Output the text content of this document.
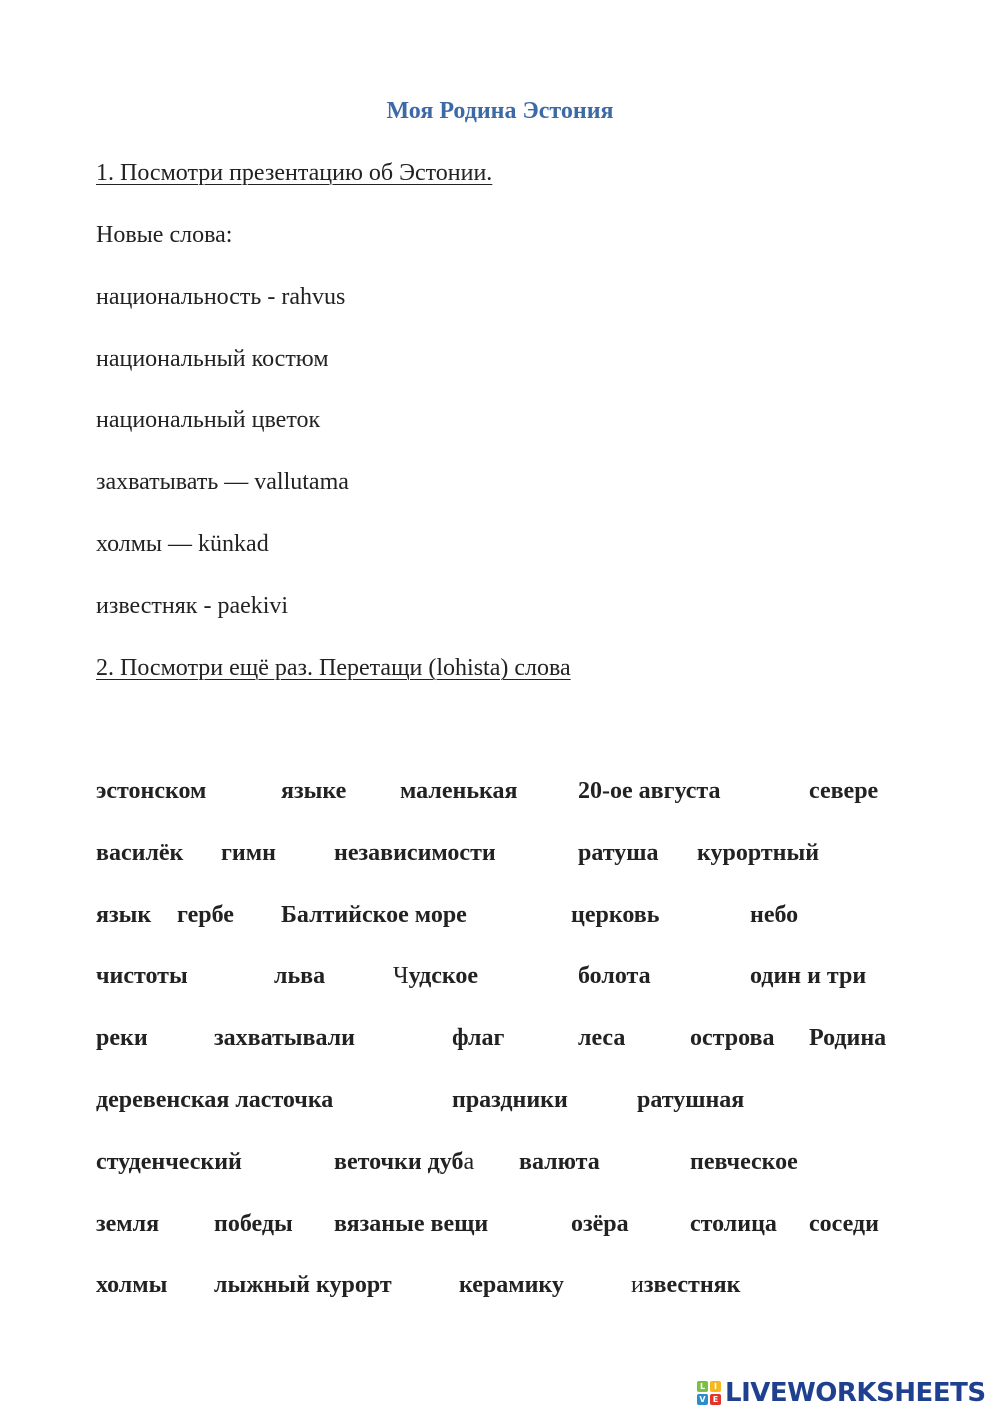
Моя Родина Эстония
1. Посмотри презентацию об Эстонии.
Новые слова:
национальность - rahvus
национальный костюм
национальный цветок
захватывать — vallutama
холмы — künkad
известняк - paekivi
2. Посмотри ещё раз. Перетащи (lohista) слова
эстонском	языке маленькая	20-ое августа	севере
василёк гимн независимости	ратуша курортный
язык гербе Балтийское море	церковь	небо
чистоты	льва	Чудское	болота	один и три
реки	захватывали	флаг	леса	острова Родина
деревенская ласточка	праздники	ратушная
студенческий	веточки дуба валюта	певческое
земля победы вязаные вещи	озёра	столица соседи
холмы лыжный курорт	керамику	известняк
L	I
V E LIVEWORKSHEETS
